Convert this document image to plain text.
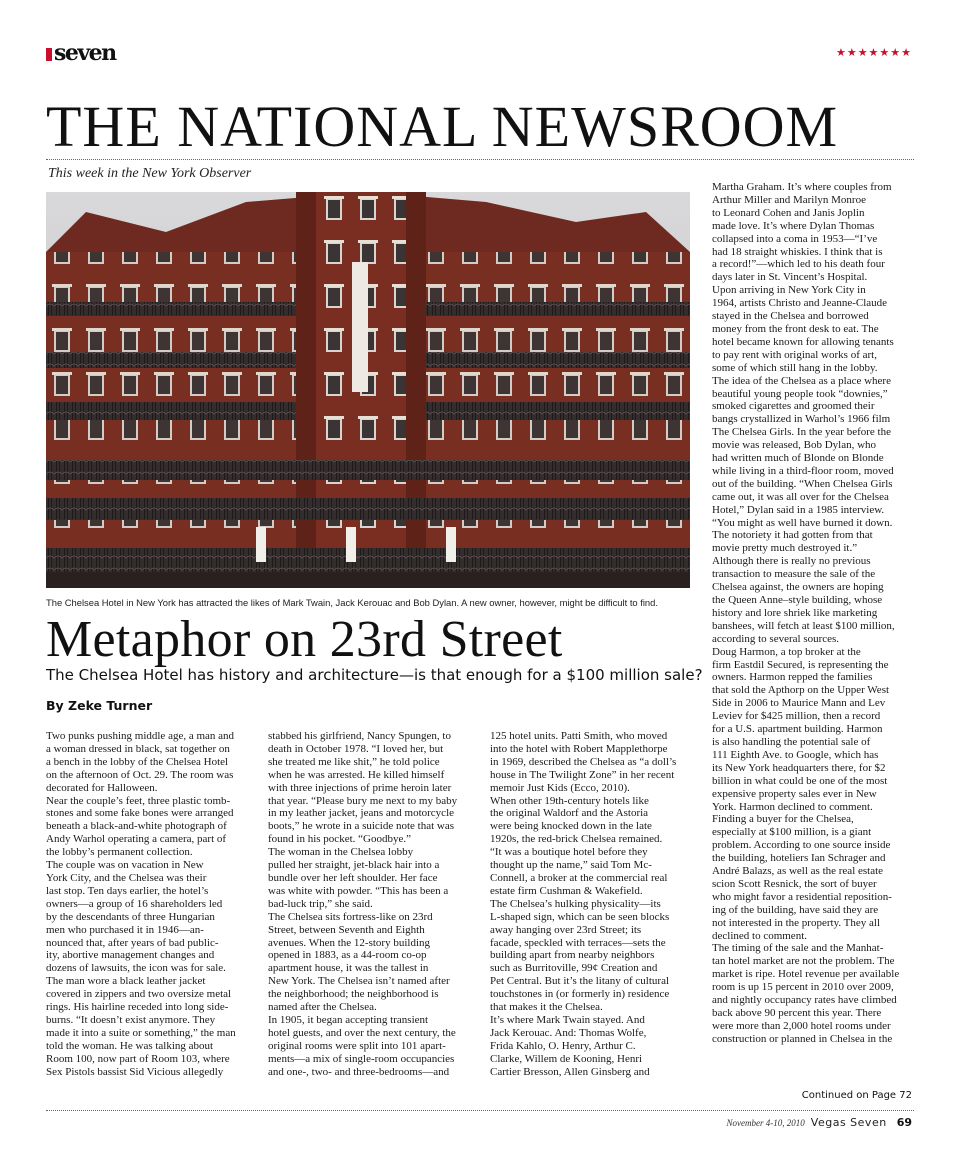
seven	★★★★★★★
THE NATIONAL NEWSROOM
This week in the New York Observer
The Chelsea Hotel in New York has attracted the likes of Mark Twain, Jack Kerouac and Bob Dylan. A new owner, however, might be difficult to find.
Metaphor on 23rd Street
The Chelsea Hotel has history and architecture—is that enough for a $100 million sale?
By Zeke Turner

Two punks pushing middle age, a man and

a woman dressed in black, sat together on

a bench in the lobby of the Chelsea Hotel

on the afternoon of Oct. 29. The room was

decorated for Halloween.

Near the couple’s feet, three plastic tomb-

stones and some fake bones were arranged

beneath a black-and-white photograph of

Andy Warhol operating a camera, part of

the lobby’s permanent collection.

The couple was on vacation in New

York City, and the Chelsea was their

last stop. Ten days earlier, the hotel’s

owners—a group of 16 shareholders led

by the descendants of three Hungarian

men who purchased it in 1946—an-

nounced that, after years of bad public-

ity, abortive management changes and

dozens of lawsuits, the icon was for sale.

The man wore a black leather jacket

covered in zippers and two oversize metal

rings. His hairline receded into long side-

burns. “It doesn’t exist anymore. They

made it into a suite or something,” the man

told the woman. He was talking about

Room 100, now part of Room 103, where

Sex Pistols bassist Sid Vicious allegedly

stabbed his girlfriend, Nancy Spungen, to

death in October 1978. “I loved her, but

she treated me like shit,” he told police

when he was arrested. He killed himself

with three injections of prime heroin later

that year. “Please bury me next to my baby

in my leather jacket, jeans and motorcycle

boots,” he wrote in a suicide note that was

found in his pocket. “Goodbye.”

The woman in the Chelsea lobby

pulled her straight, jet-black hair into a

bundle over her left shoulder. Her face

was white with powder. “This has been a

bad-luck trip,” she said.

The Chelsea sits fortress-like on 23rd

Street, between Seventh and Eighth

avenues. When the 12-story building

opened in 1883, as a 44-room co-op

apartment house, it was the tallest in

New York. The Chelsea isn’t named after

the neighborhood; the neighborhood is

named after the Chelsea.

In 1905, it began accepting transient

hotel guests, and over the next century, the

original rooms were split into 101 apart-

ments—a mix of single-room occupancies

and one-, two- and three-bedrooms—and

125 hotel units. Patti Smith, who moved

into the hotel with Robert Mapplethorpe

in 1969, described the Chelsea as “a doll’s

house in The Twilight Zone” in her recent

memoir Just Kids (Ecco, 2010).

When other 19th-century hotels like

the original Waldorf and the Astoria

were being knocked down in the late

1920s, the red-brick Chelsea remained.

“It was a boutique hotel before they

thought up the name,” said Tom Mc-

Connell, a broker at the commercial real

estate firm Cushman & Wakefield.

The Chelsea’s hulking physicality—its

L-shaped sign, which can be seen blocks

away hanging over 23rd Street; its

facade, speckled with terraces—sets the

building apart from nearby neighbors

such as Burritoville, 99¢ Creation and

Pet Central. But it’s the litany of cultural

touchstones in (or formerly in) residence

that makes it the Chelsea.

It’s where Mark Twain stayed. And

Jack Kerouac. And: Thomas Wolfe,

Frida Kahlo, O. Henry, Arthur C.

Clarke, Willem de Kooning, Henri

Cartier Bresson, Allen Ginsberg and

Martha Graham. It’s where couples from

Arthur Miller and Marilyn Monroe

to Leonard Cohen and Janis Joplin

made love. It’s where Dylan Thomas

collapsed into a coma in 1953—“I’ve

had 18 straight whiskies. I think that is

a record!”—which led to his death four

days later in St. Vincent’s Hospital.

Upon arriving in New York City in

1964, artists Christo and Jeanne-Claude

stayed in the Chelsea and borrowed

money from the front desk to eat. The

hotel became known for allowing tenants

to pay rent with original works of art,

some of which still hang in the lobby.

The idea of the Chelsea as a place where

beautiful young people took “downies,”

smoked cigarettes and groomed their

bangs crystallized in Warhol’s 1966 film

The Chelsea Girls. In the year before the

movie was released, Bob Dylan, who

had written much of Blonde on Blonde

while living in a third-floor room, moved

out of the building. “When Chelsea Girls

came out, it was all over for the Chelsea

Hotel,” Dylan said in a 1985 interview.

“You might as well have burned it down.

The notoriety it had gotten from that

movie pretty much destroyed it.”

Although there is really no previous

transaction to measure the sale of the

Chelsea against, the owners are hoping

the Queen Anne–style building, whose

history and lore shriek like marketing

banshees, will fetch at least $100 million,

according to several sources.

Doug Harmon, a top broker at the

firm Eastdil Secured, is representing the

owners. Harmon repped the families

that sold the Apthorp on the Upper West

Side in 2006 to Maurice Mann and Lev

Leviev for $425 million, then a record

for a U.S. apartment building. Harmon

is also handling the potential sale of

111 Eighth Ave. to Google, which has

its New York headquarters there, for $2

billion in what could be one of the most

expensive property sales ever in New

York. Harmon declined to comment.

Finding a buyer for the Chelsea,

especially at $100 million, is a giant

problem. According to one source inside

the building, hoteliers Ian Schrager and

André Balazs, as well as the real estate

scion Scott Resnick, the sort of buyer

who might favor a residential reposition-

ing of the building, have said they are

not interested in the property. They all

declined to comment.

The timing of the sale and the Manhat-

tan hotel market are not the problem. The

market is ripe. Hotel revenue per available

room is up 15 percent in 2010 over 2009,

and nightly occupancy rates have climbed

back above 90 percent this year. There

were more than 2,000 hotel rooms under

construction or planned in Chelsea in the

Continued on Page 72
November 4-10, 2010 Vegas Seven 69
